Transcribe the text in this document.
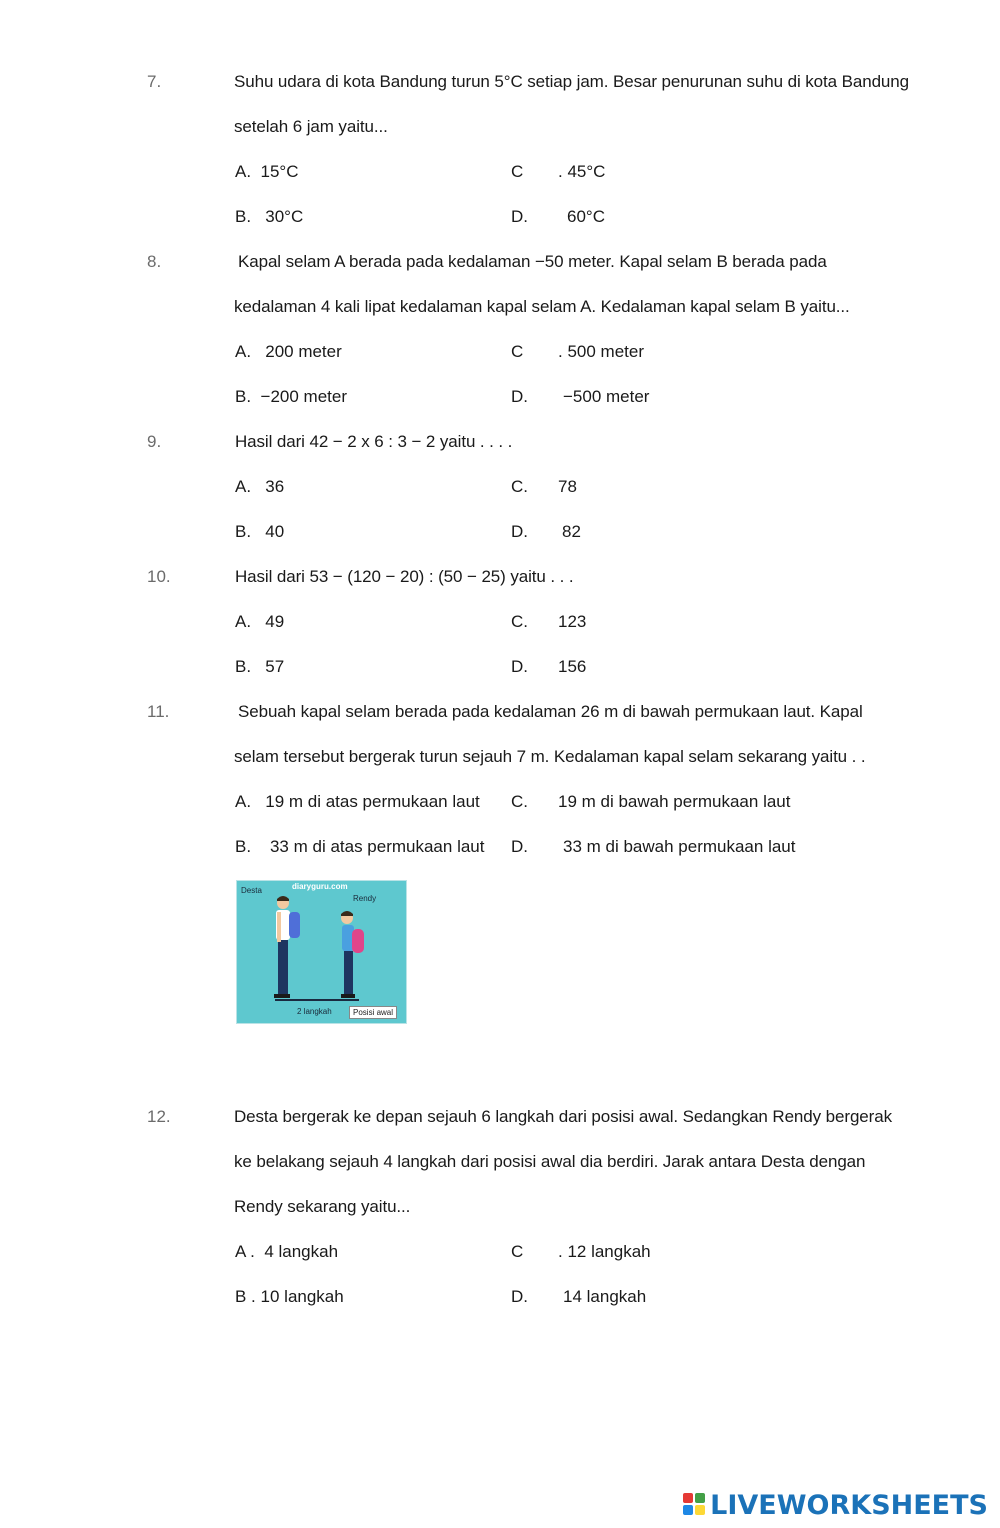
7.	Suhu udara di kota Bandung turun 5°C setiap jam. Besar penurunan suhu di kota Bandung
setelah 6 jam yaitu...
A. 15°C	C . 45°C
B. 30°C	D. 60°C
8.	Kapal selam A berada pada kedalaman −50 meter. Kapal selam B berada pada
kedalaman 4 kali lipat kedalaman kapal selam A. Kedalaman kapal selam B yaitu...
A. 200 meter	C . 500 meter
B. −200 meter	D. −500 meter
9.	Hasil dari 42 − 2 x 6 : 3 − 2 yaitu . . . .
A. 36	C. 78
B. 40	D. 82
10.	Hasil dari 53 − (120 − 20) : (50 − 25) yaitu . . .
A. 49	C. 123
B. 57	D. 156
11.	Sebuah kapal selam berada pada kedalaman 26 m di bawah permukaan laut. Kapal
selam tersebut bergerak turun sejauh 7 m. Kedalaman kapal selam sekarang yaitu . .
A. 19 m di atas permukaan laut C. 19 m di bawah permukaan laut
B. 33 m di atas permukaan laut D. 33 m di bawah permukaan laut
Desta	diaryguru.com
Rendy
2 langkah	Posisi awal
12.	Desta bergerak ke depan sejauh 6 langkah dari posisi awal. Sedangkan Rendy bergerak
ke belakang sejauh 4 langkah dari posisi awal dia berdiri. Jarak antara Desta dengan
Rendy sekarang yaitu...
A . 4 langkah	C . 12 langkah
B . 10 langkah	D. 14 langkah
LIVEWORKSHEETS
